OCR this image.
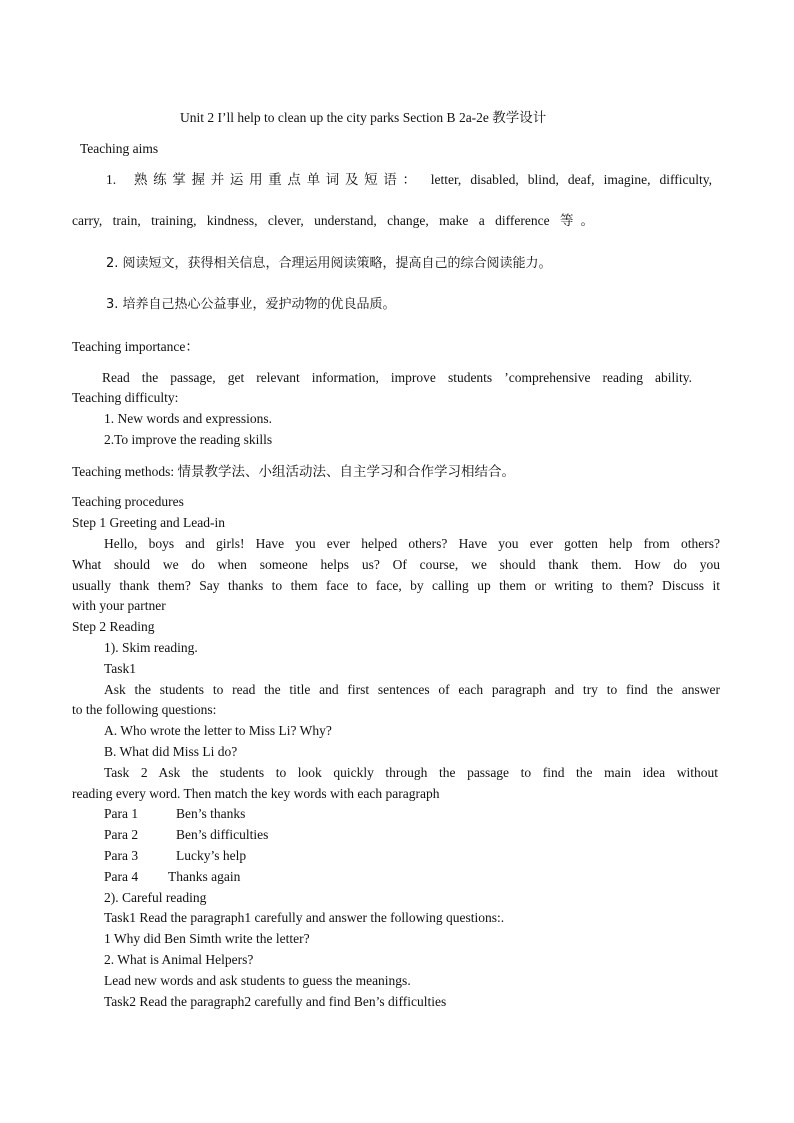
Unit 2 I’ll help to clean up the city parks Section B 2a-2e 教学设计
Teaching aims
1. 熟练掌握并运用重点单词及短语： letter, disabled, blind, deaf, imagine, difficulty,
carry, train, training, kindness, clever, understand, change, make a difference 等。
2. 阅读短文，获得相关信息，合理运用阅读策略，提高自己的综合阅读能力。
3. 培养自己热心公益事业，爱护动物的优良品质。
Teaching importance：
Read the passage, get relevant information, improve students ’comprehensive reading ability.
Teaching difficulty:
1. New words and expressions.
2.To improve the reading skills
Teaching methods: 情景教学法、小组活动法、自主学习和合作学习相结合。
Teaching procedures
Step 1 Greeting and Lead-in
Hello, boys and girls! Have you ever helped others? Have you ever gotten help from others?
What should we do when someone helps us? Of course, we should thank them. How do you
usually thank them? Say thanks to them face to face, by calling up them or writing to them? Discuss it
with your partner
Step 2 Reading
1). Skim reading.
Task1
Ask the students to read the title and first sentences of each paragraph and try to find the answer
to the following questions:
A. Who wrote the letter to Miss Li? Why?
B. What did Miss Li do?
Task 2 Ask the students to look quickly through the passage to find the main idea without
reading every word. Then match the key words with each paragraph
Para 1	Ben’s thanks
Para 2	Ben’s difficulties
Para 3	Lucky’s help
Para 4 Thanks again
2). Careful reading
Task1 Read the paragraph1 carefully and answer the following questions:.
1 Why did Ben Simth write the letter?
2. What is Animal Helpers?
Lead new words and ask students to guess the meanings.
Task2 Read the paragraph2 carefully and find Ben’s difficulties
